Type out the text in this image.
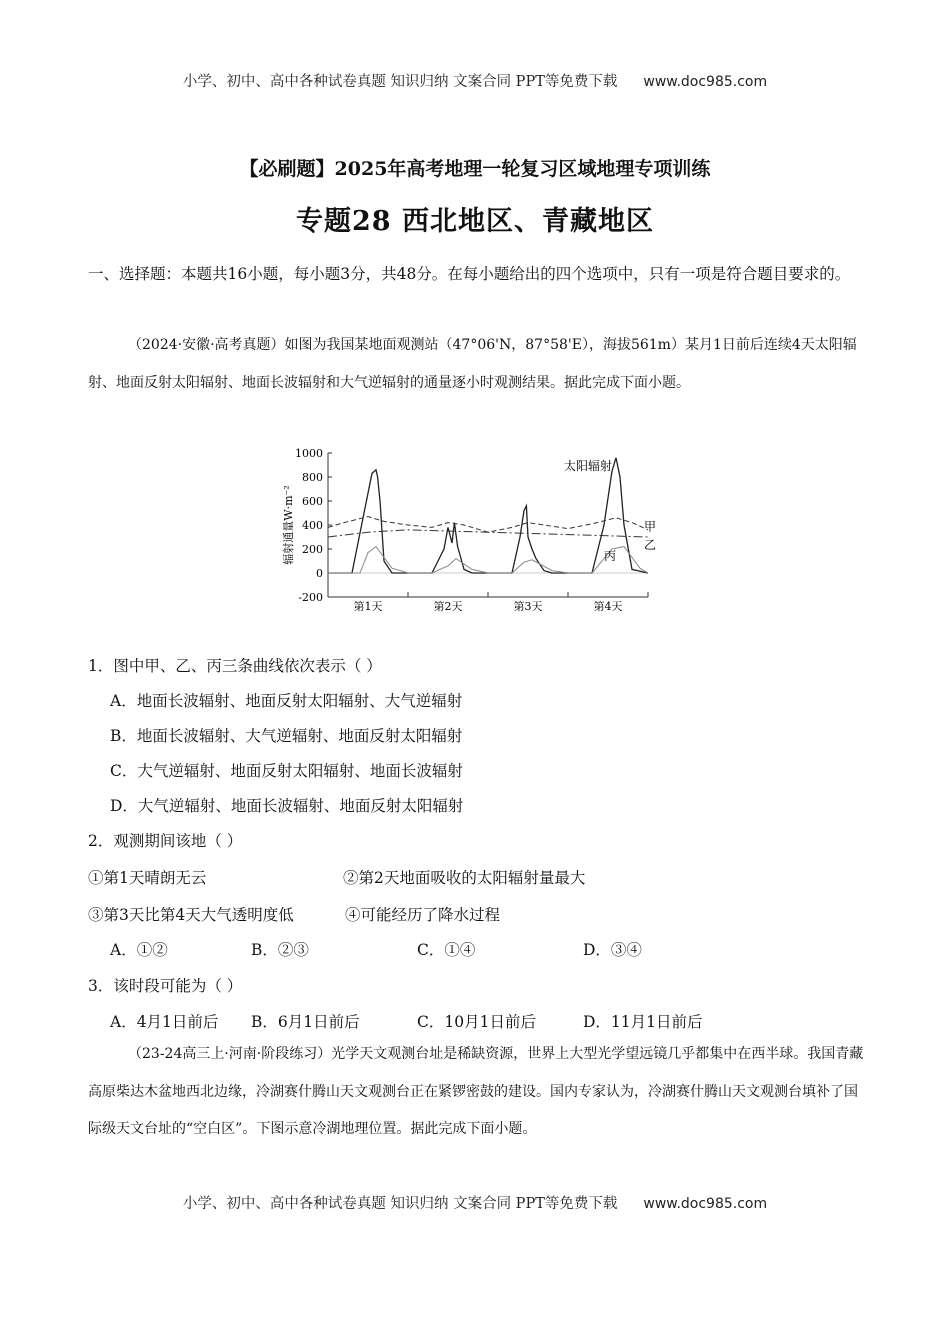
小学、初中、高中各种试卷真题 知识归纳 文案合同 PPT等免费下载 www.doc985.com
【必刷题】2025年高考地理一轮复习区域地理专项训练
专题28 西北地区、青藏地区
一、选择题：本题共16小题，每小题3分，共48分。在每小题给出的四个选项中，只有一项是符合题目要求的。
（2024·安徽·高考真题）如图为我国某地面观测站（47°06'N，87°58'E），海拔561m）某月1日前后连续4天太阳辐射、地面反射太阳辐射、地面长波辐射和大气逆辐射的通量逐小时观测结果。据此完成下面小题。
-200
0
200
400
600
800
1000
第1天	第2天	第3天	第4天
辐射通量W·m⁻²
太阳辐射
甲
乙
丙
1．图中甲、乙、丙三条曲线依次表示（ ）
A．地面长波辐射、地面反射太阳辐射、大气逆辐射
B．地面长波辐射、大气逆辐射、地面反射太阳辐射
C．大气逆辐射、地面反射太阳辐射、地面长波辐射
D．大气逆辐射、地面长波辐射、地面反射太阳辐射
2．观测期间该地（ ）
①第1天晴朗无云	②第2天地面吸收的太阳辐射量最大
③第3天比第4天大气透明度低	④可能经历了降水过程
A．①②	B．②③	C．①④	D．③④
3．该时段可能为（ ）
A．4月1日前后 B．6月1日前后	C．10月1日前后	D．11月1日前后
（23-24高三上·河南·阶段练习）光学天文观测台址是稀缺资源，世界上大型光学望远镜几乎都集中在西半球。我国青藏高原柴达木盆地西北边缘，冷湖赛什腾山天文观测台正在紧锣密鼓的建设。国内专家认为，冷湖赛什腾山天文观测台填补了国际级天文台址的“空白区”。下图示意冷湖地理位置。据此完成下面小题。
小学、初中、高中各种试卷真题 知识归纳 文案合同 PPT等免费下载 www.doc985.com
